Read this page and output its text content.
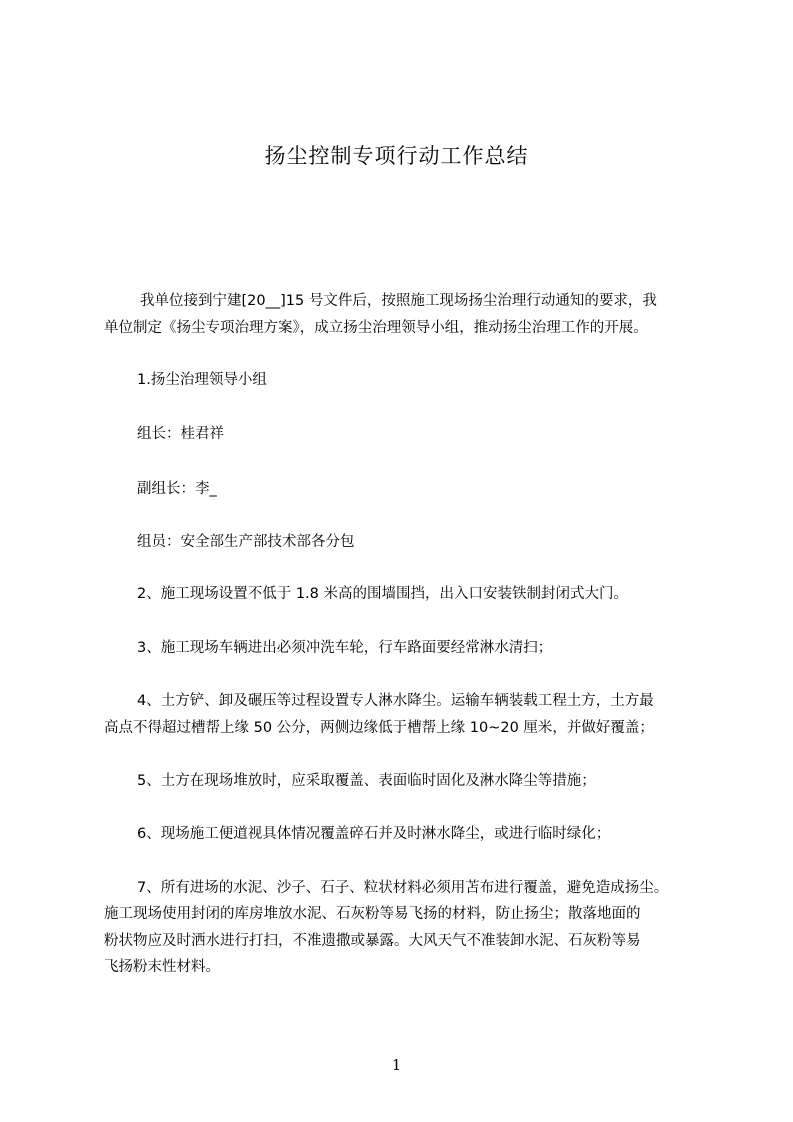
扬尘控制专项行动工作总结
我单位接到宁建[20__]15 号文件后，按照施工现场扬尘治理行动通知的要求，我
单位制定《扬尘专项治理方案》，成立扬尘治理领导小组，推动扬尘治理工作的开展。
1.扬尘治理领导小组
组长：桂君祥
副组长：李_
组员：安全部生产部技术部各分包
2、施工现场设置不低于 1.8 米高的围墙围挡，出入口安装铁制封闭式大门。
3、施工现场车辆进出必须冲洗车轮，行车路面要经常淋水清扫；
4、土方铲、卸及碾压等过程设置专人淋水降尘。运输车辆装载工程土方，土方最
高点不得超过槽帮上缘 50 公分，两侧边缘低于槽帮上缘 10~20 厘米，并做好覆盖；
5、土方在现场堆放时，应采取覆盖、表面临时固化及淋水降尘等措施；
6、现场施工便道视具体情况覆盖碎石并及时淋水降尘，或进行临时绿化；
7、所有进场的水泥、沙子、石子、粒状材料必须用苫布进行覆盖，避免造成扬尘。
施工现场使用封闭的库房堆放水泥、石灰粉等易飞扬的材料，防止扬尘；散落地面的
粉状物应及时洒水进行打扫，不准遗撒或暴露。大风天气不准装卸水泥、石灰粉等易
飞扬粉末性材料。
1
